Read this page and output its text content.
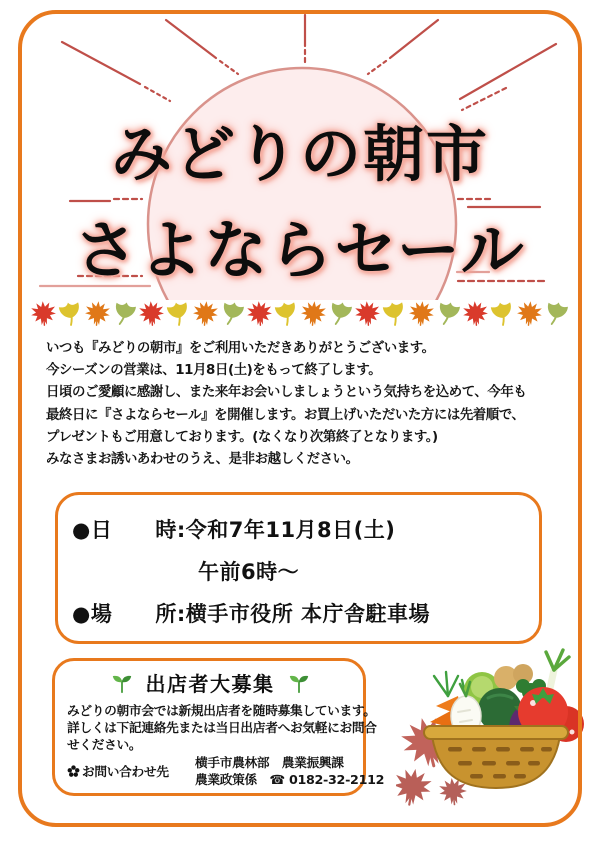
みどりの朝市
さよならセール
いつも『みどりの朝市』をご利用いただきありがとうございます。
今シーズンの営業は、11月8日(土)をもって終了します。
日頃のご愛顧に感謝し、また来年お会いしましょうという気持ちを込めて、今年も
最終日に『さよならセール』を開催します。お買上げいただいた方には先着順で、
プレゼントもご用意しております。(なくなり次第終了となります。)
みなさまお誘いあわせのうえ、是非お越しください。
●日　　時:令和7年11月8日(土)
午前6時〜
●場　　所:横手市役所 本庁舎駐車場
出店者大募集
みどりの朝市会では新規出店者を随時募集しています。
詳しくは下記連絡先または当日出店者へお気軽にお問合
せください。
お問い合わせ先
横手市農林部　農業振興課
農業政策係　☎ 0182-32-2112
